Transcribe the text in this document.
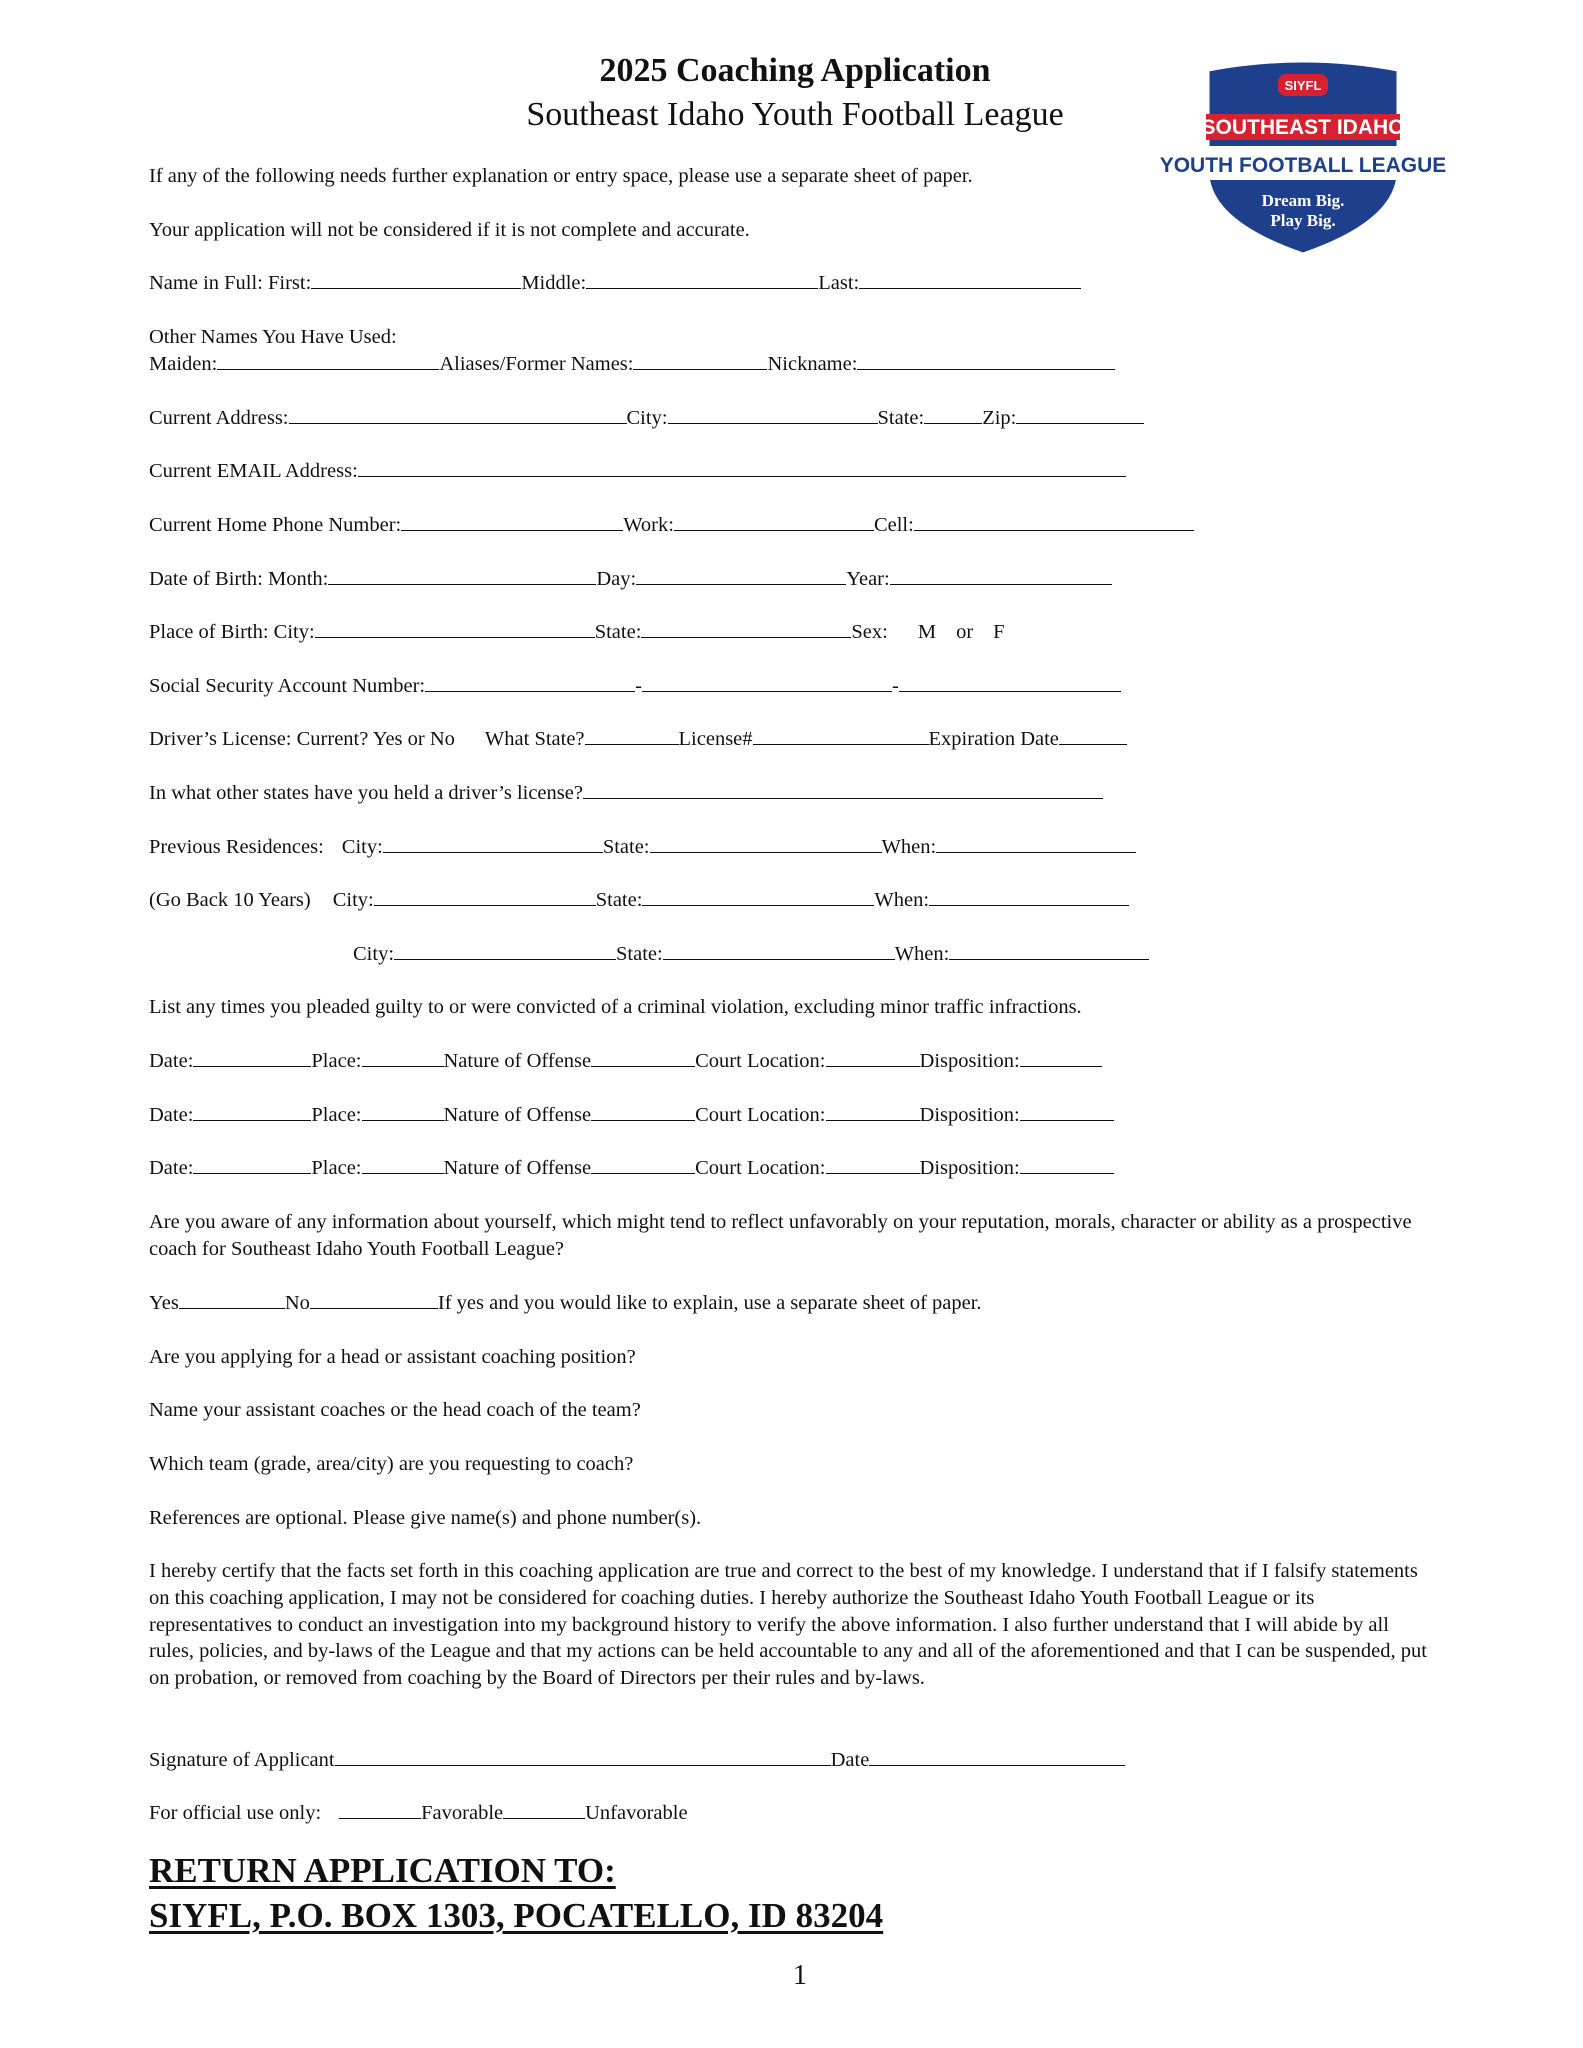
2025 Coaching Application
Southeast Idaho Youth Football League
SIYFL
SOUTHEAST IDAHO
YOUTH FOOTBALL LEAGUE
Dream Big.
Play Big.
If any of the following needs further explanation or entry space, please use a separate sheet of paper.
Your application will not be considered if it is not complete and accurate.
Name in Full: First:	Middle:	Last:
Other Names You Have Used:
Maiden:	Aliases/Former Names:	Nickname:
Current Address:	City:	State:	Zip:
Current EMAIL Address:
Current Home Phone Number:	Work:	Cell:
Date of Birth: Month:	Day:	Year:
Place of Birth: City:	State:	Sex: M or F
Social Security Account Number:	-	-
Driver’s License: Current? Yes or No What State?	License#	Expiration Date
In what other states have you held a driver’s license?
Previous Residences: City:	State:	When:
(Go Back 10 Years) City:	State:	When:
City:	State:	When:
List any times you pleaded guilty to or were convicted of a criminal violation, excluding minor traffic infractions.
Date:	Place:	Nature of Offense	Court Location:	Disposition:
Date:	Place:	Nature of Offense	Court Location:	Disposition:
Date:	Place:	Nature of Offense	Court Location:	Disposition:
Are you aware of any information about yourself, which might tend to reflect unfavorably on your reputation, morals, character or ability as a prospective coach for Southeast Idaho Youth Football League?
Yes	No	If yes and you would like to explain, use a separate sheet of paper.
Are you applying for a head or assistant coaching position?
Name your assistant coaches or the head coach of the team?
Which team (grade, area/city) are you requesting to coach?
References are optional. Please give name(s) and phone number(s).
I hereby certify that the facts set forth in this coaching application are true and correct to the best of my knowledge. I understand that if I falsify statements on this coaching application, I may not be considered for coaching duties. I hereby authorize the Southeast Idaho Youth Football League or its representatives to conduct an investigation into my background history to verify the above information. I also further understand that I will abide by all rules, policies, and by-laws of the League and that my actions can be held accountable to any and all of the aforementioned and that I can be suspended, put on probation, or removed from coaching by the Board of Directors per their rules and by-laws.
Signature of Applicant	Date
For official use only:	Favorable	Unfavorable
RETURN APPLICATION TO:
SIYFL, P.O. BOX 1303, POCATELLO, ID 83204
1
